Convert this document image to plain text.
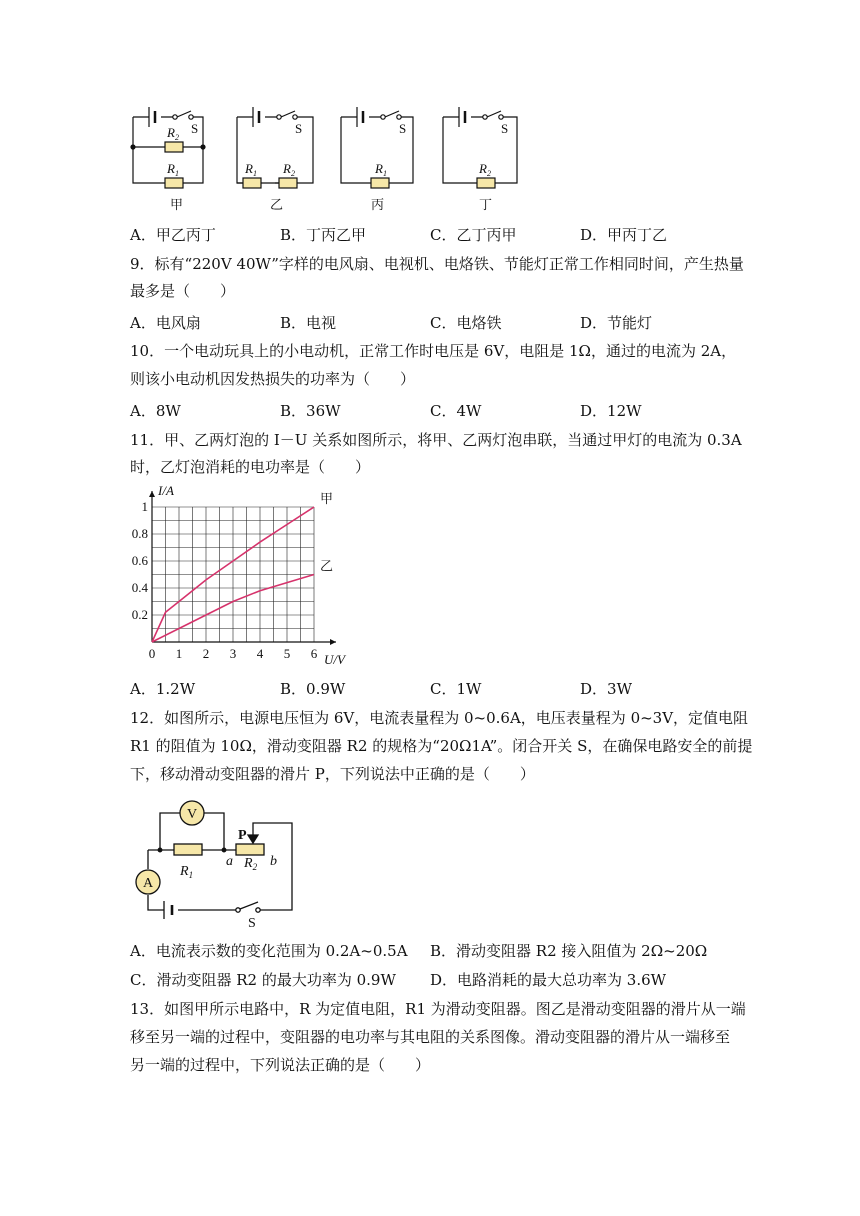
S	S	S	S
$R_2$
$R_1$	$R_1$ $R_2$	$R_1$	$R_2$
甲	乙	丙	丁
A．甲乙丙丁	B．丁丙乙甲	C．乙丁丙甲	D．甲丙丁乙
9．标有“220V 40W”字样的电风扇、电视机、电烙铁、节能灯正常工作相同时间，产生热量
最多是（　　）
A．电风扇	B．电视	C．电烙铁	D．节能灯
10．一个电动玩具上的小电动机，正常工作时电压是 6V，电阻是 1Ω，通过的电流为 2A，
则该小电动机因发热损失的功率为（　　）
A．8W	B．36W	C．4W	D．12W
11．甲、乙两灯泡的 I－U 关系如图所示，将甲、乙两灯泡串联，当通过甲灯的电流为 0.3A
时，乙灯泡消耗的电功率是（　　）
0 1 2 3 4 5 6
0.2
0.4
0.6
0.8
1
I/A
U/V
甲
乙
A．1.2W	B．0.9W	C．1W	D．3W
12．如图所示，电源电压恒为 6V，电流表量程为 0~0.6A，电压表量程为 0~3V，定值电阻
R1 的阻值为 10Ω，滑动变阻器 R2 的规格为“20Ω1A”。闭合开关 S，在确保电路安全的前提
下，移动滑动变阻器的滑片 P，下列说法中正确的是（　　）
V
A
P
$R_1$
a $R_2$ b
S
A．电流表示数的变化范围为 0.2A~0.5A B．滑动变阻器 R2 接入阻值为 2Ω~20Ω
C．滑动变阻器 R2 的最大功率为 0.9W D．电路消耗的最大总功率为 3.6W
13．如图甲所示电路中，R 为定值电阻，R1 为滑动变阻器。图乙是滑动变阻器的滑片从一端
移至另一端的过程中，变阻器的电功率与其电阻的关系图像。滑动变阻器的滑片从一端移至
另一端的过程中，下列说法正确的是（　　）
